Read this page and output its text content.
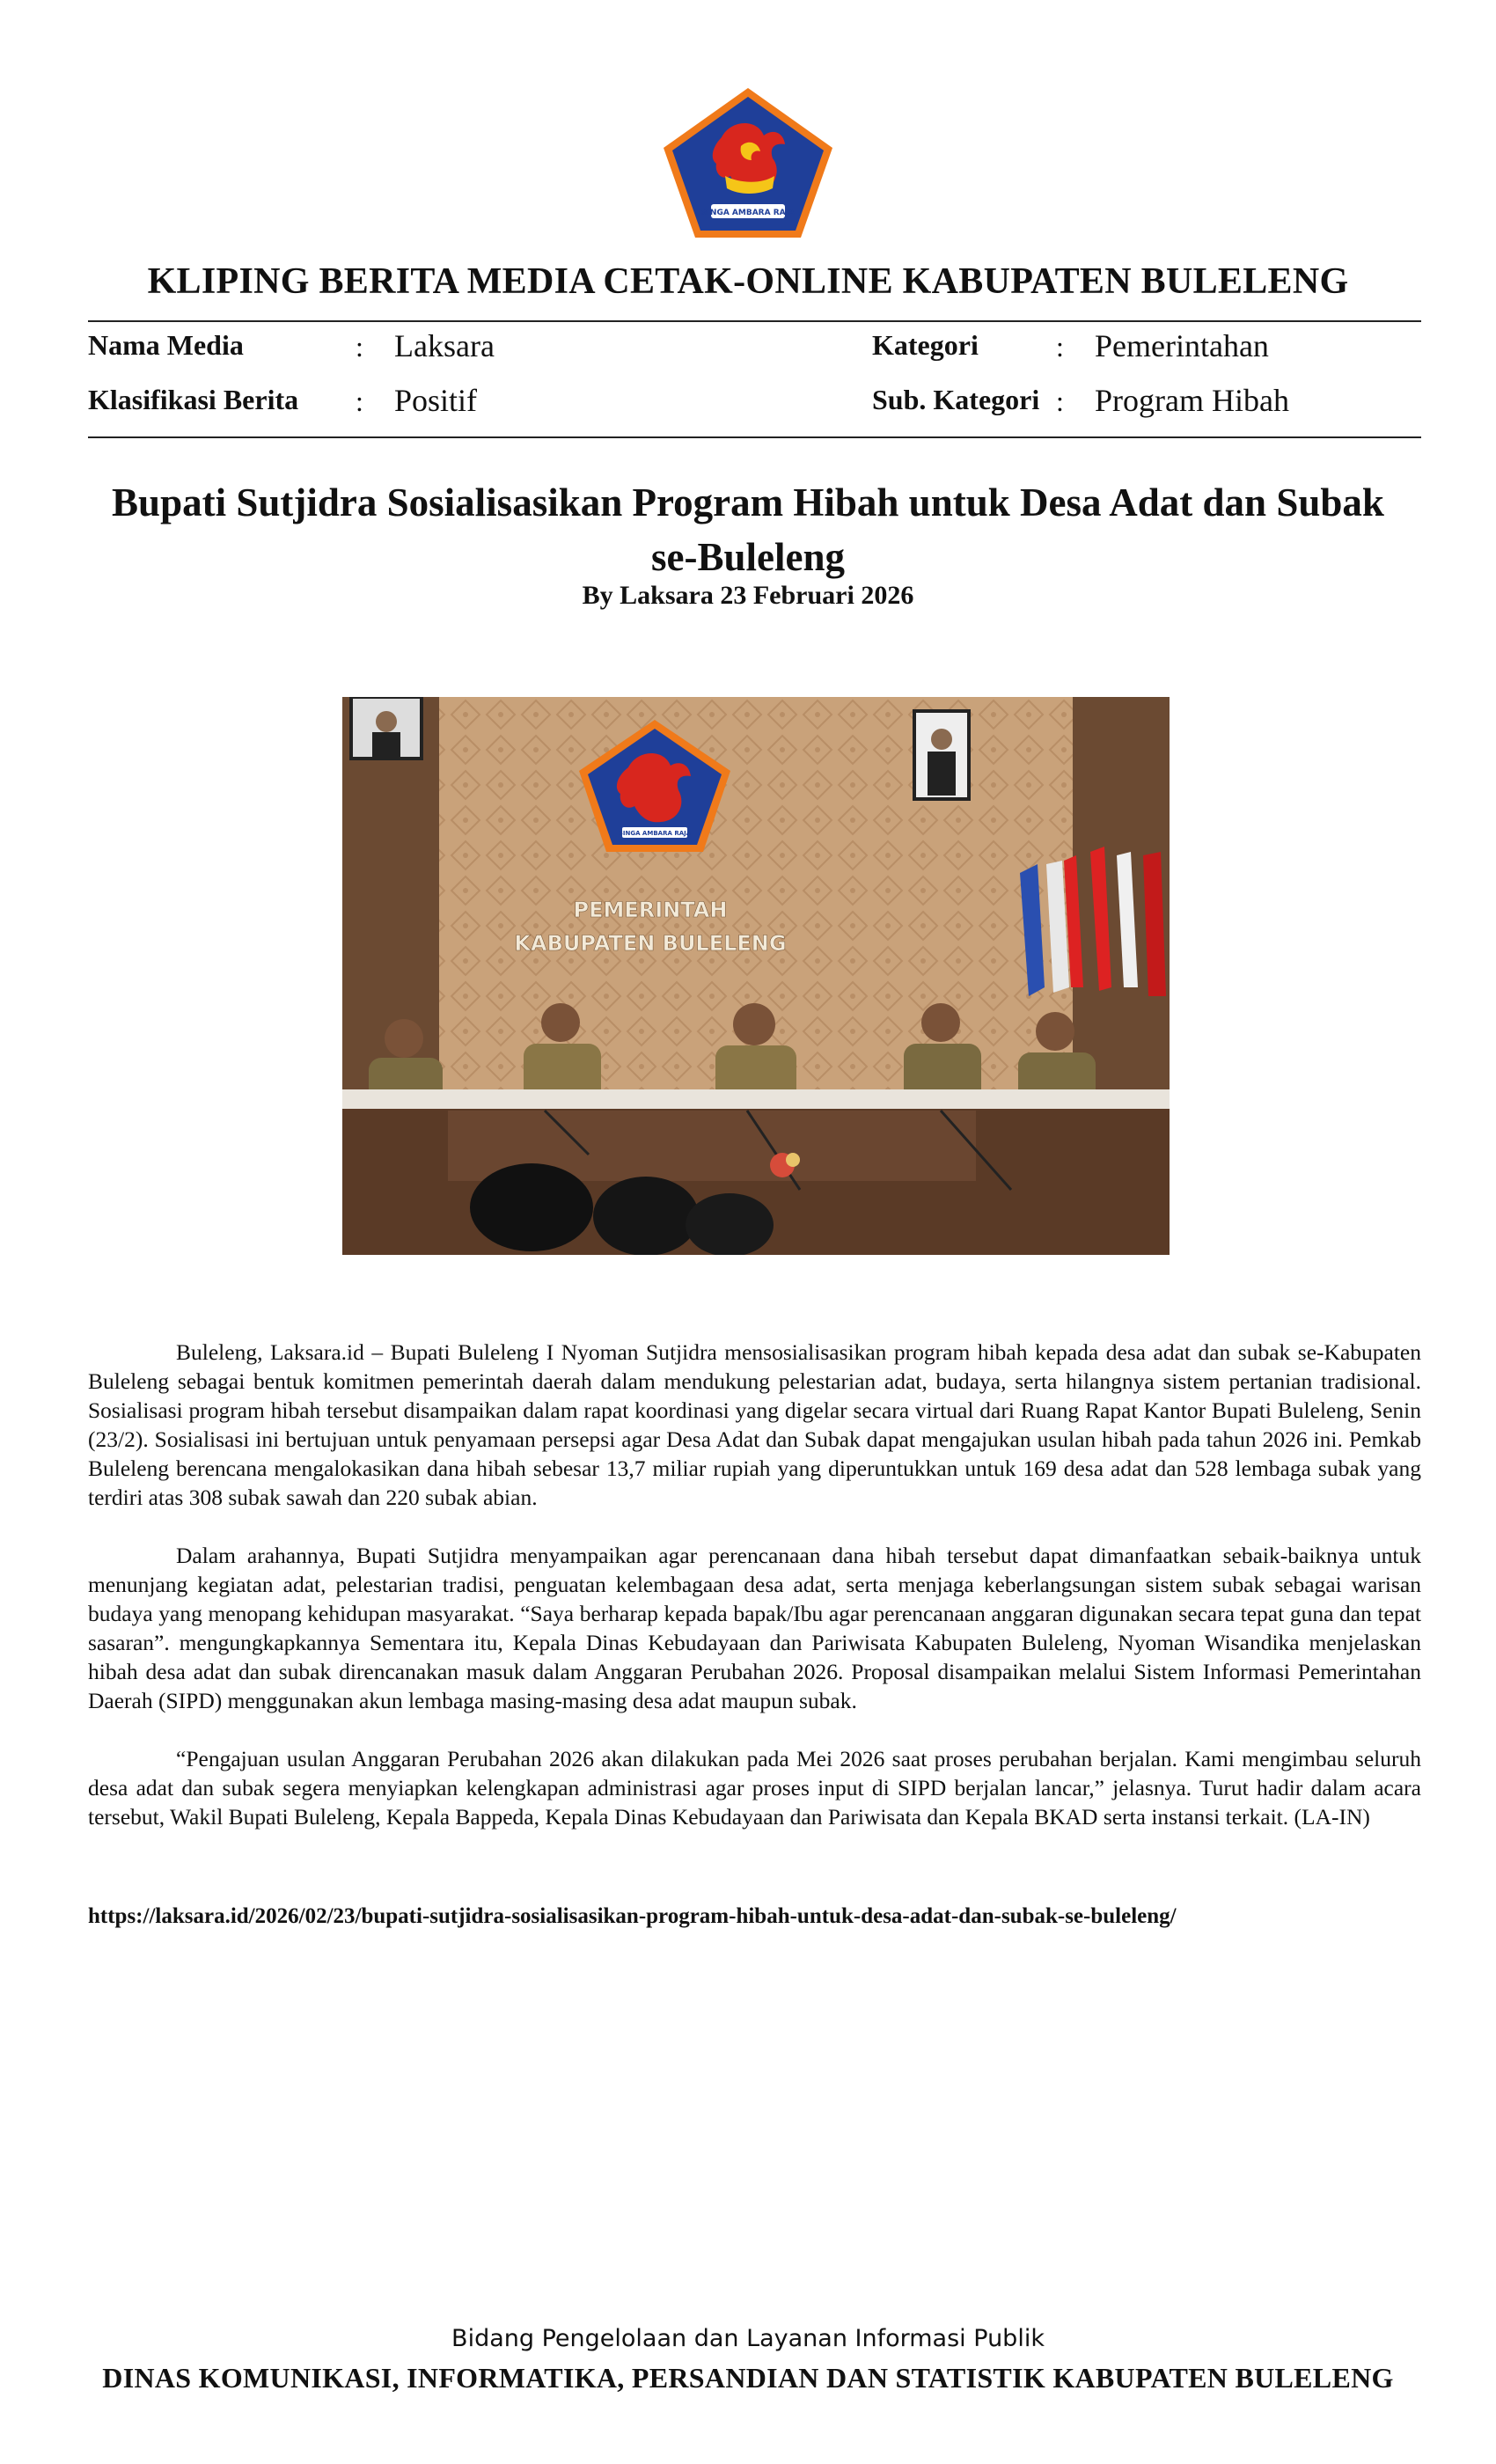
SINGA AMBARA RAJA
KLIPING BERITA MEDIA CETAK-ONLINE KABUPATEN BULELENG
Nama Media	: Laksara
Klasifikasi Berita : Positif
Kategori	: Pemerintahan
Sub. Kategori : Program Hibah
Bupati Sutjidra Sosialisasikan Program Hibah untuk Desa Adat dan Subak se-Buleleng
By Laksara 23 Februari 2026
SINGA AMBARA RAJA
PEMERINTAH
KABUPATEN BULELENG

Buleleng, Laksara.id – Bupati Buleleng I Nyoman Sutjidra mensosialisasikan program hibah kepada desa adat dan subak se-Kabupaten Buleleng sebagai bentuk komitmen pemerintah daerah dalam mendukung pelestarian adat, budaya, serta hilangnya sistem pertanian tradisional. Sosialisasi program hibah tersebut disampaikan dalam rapat koordinasi yang digelar secara virtual dari Ruang Rapat Kantor Bupati Buleleng, Senin (23/2). Sosialisasi ini bertujuan untuk penyamaan persepsi agar Desa Adat dan Subak dapat mengajukan usulan hibah pada tahun 2026 ini. Pemkab Buleleng berencana mengalokasikan dana hibah sebesar 13,7 miliar rupiah yang diperuntukkan untuk 169 desa adat dan 528 lembaga subak yang terdiri atas 308 subak sawah dan 220 subak abian.

Dalam arahannya, Bupati Sutjidra menyampaikan agar perencanaan dana hibah tersebut dapat dimanfaatkan sebaik-baiknya untuk menunjang kegiatan adat, pelestarian tradisi, penguatan kelembagaan desa adat, serta menjaga keberlangsungan sistem subak sebagai warisan budaya yang menopang kehidupan masyarakat. “Saya berharap kepada bapak/Ibu agar perencanaan anggaran digunakan secara tepat guna dan tepat sasaran”. mengungkapkannya Sementara itu, Kepala Dinas Kebudayaan dan Pariwisata Kabupaten Buleleng, Nyoman Wisandika menjelaskan hibah desa adat dan subak direncanakan masuk dalam Anggaran Perubahan 2026. Proposal disampaikan melalui Sistem Informasi Pemerintahan Daerah (SIPD) menggunakan akun lembaga masing-masing desa adat maupun subak.

“Pengajuan usulan Anggaran Perubahan 2026 akan dilakukan pada Mei 2026 saat proses perubahan berjalan. Kami mengimbau seluruh desa adat dan subak segera menyiapkan kelengkapan administrasi agar proses input di SIPD berjalan lancar,” jelasnya. Turut hadir dalam acara tersebut, Wakil Bupati Buleleng, Kepala Bappeda, Kepala Dinas Kebudayaan dan Pariwisata dan Kepala BKAD serta instansi terkait. (LA-IN)

https://laksara.id/2026/02/23/bupati-sutjidra-sosialisasikan-program-hibah-untuk-desa-adat-dan-subak-se-buleleng/
Bidang Pengelolaan dan Layanan Informasi Publik
DINAS KOMUNIKASI, INFORMATIKA, PERSANDIAN DAN STATISTIK KABUPATEN BULELENG
